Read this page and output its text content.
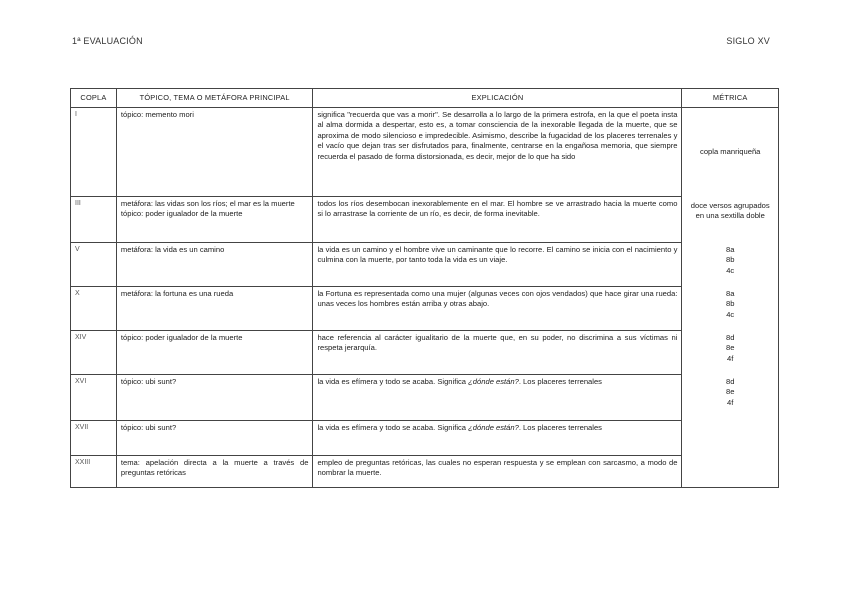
1ª EVALUACIÓN	SIGLO XV
COPLA	TÓPICO, TEMA O METÁFORA PRINCIPAL	EXPLICACIÓN	MÉTRICA
I	tópico: memento mori	significa "recuerda que vas a morir". Se desarrolla a lo largo de la primera estrofa, en la que el poeta insta al alma dormida a despertar, esto es, a tomar consciencia de la inexorable llegada de la muerte, que se aproxima de modo silencioso e impredecible. Asimismo, describe la fugacidad de los placeres terrenales y el vacío que dejan tras ser disfrutados para, finalmente, centrarse en la engañosa memoria, que siempre recuerda el pasado de forma distorsionada, es decir, mejor de lo que ha sido	copla manriqueña

III	metáfora: las vidas son los ríos; el mar es la muerte
tópico: poder igualador de la muerte	todos los ríos desembocan inexorablemente en el mar. El hombre se ve arrastrado hacia la muerte como si lo arrastrase la corriente de un río, es decir, de forma inevitable.	doce versos agrupados en una sextilla doble

V	metáfora: la vida es un camino	la vida es un camino y el hombre vive un caminante que lo recorre. El camino se inicia con el nacimiento y culmina con la muerte, por tanto toda la vida es un viaje.	8a
8b
4c

X	metáfora: la fortuna es una rueda	la Fortuna es representada como una mujer (algunas veces con ojos vendados) que hace girar una rueda: unas veces los hombres están arriba y otras abajo.	8a
8b
4c

XIV	tópico: poder igualador de la muerte	hace referencia al carácter igualitario de la muerte que, en su poder, no discrimina a sus víctimas ni respeta jerarquía.	8d
8e
4f

XVI	tópico: ubi sunt?	la vida es efímera y todo se acaba. Significa ¿dónde están?. Los placeres terrenales	8d
8e
4f

XVII	tópico: ubi sunt?	la vida es efímera y todo se acaba. Significa ¿dónde están?. Los placeres terrenales	
XXIII	tema: apelación directa a la muerte a través de preguntas retóricas	empleo de preguntas retóricas, las cuales no esperan respuesta y se emplean con sarcasmo, a modo de nombrar la muerte.	
